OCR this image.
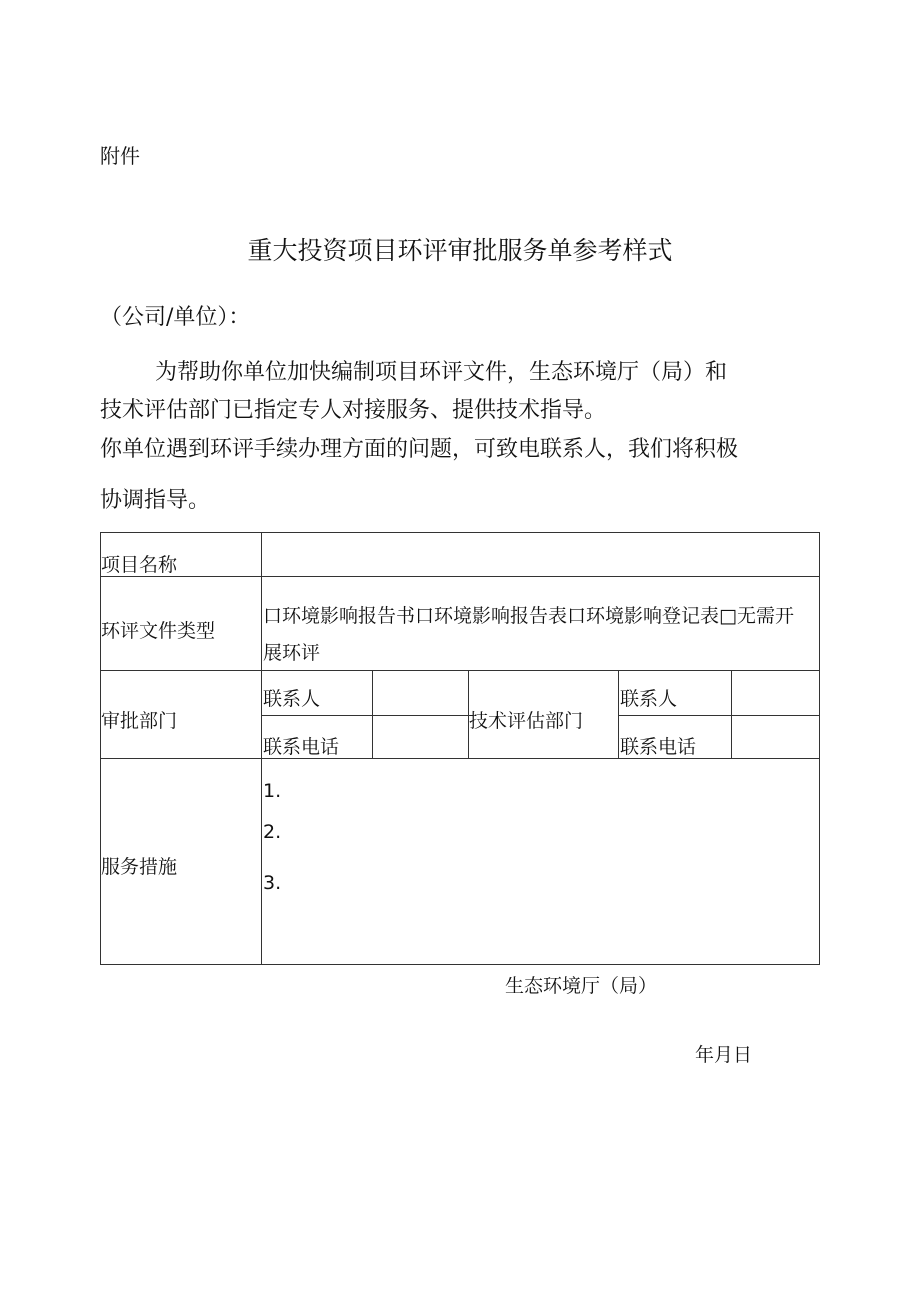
附件
重大投资项目环评审批服务单参考样式
（公司/单位）：
为帮助你单位加快编制项目环评文件，生态环境厅（局）和
技术评估部门已指定专人对接服务、提供技术指导。
你单位遇到环评手续办理方面的问题，可致电联系人，我们将积极
协调指导。
项目名称
环评文件类型
口环境影响报告书口环境影响报告表口环境影响登记表□无需开
展环评
审批部门
联系人
联系电话
技术评估部门
联系人
联系电话
服务措施
1.
2.
3.
生态环境厅（局）
年月日
